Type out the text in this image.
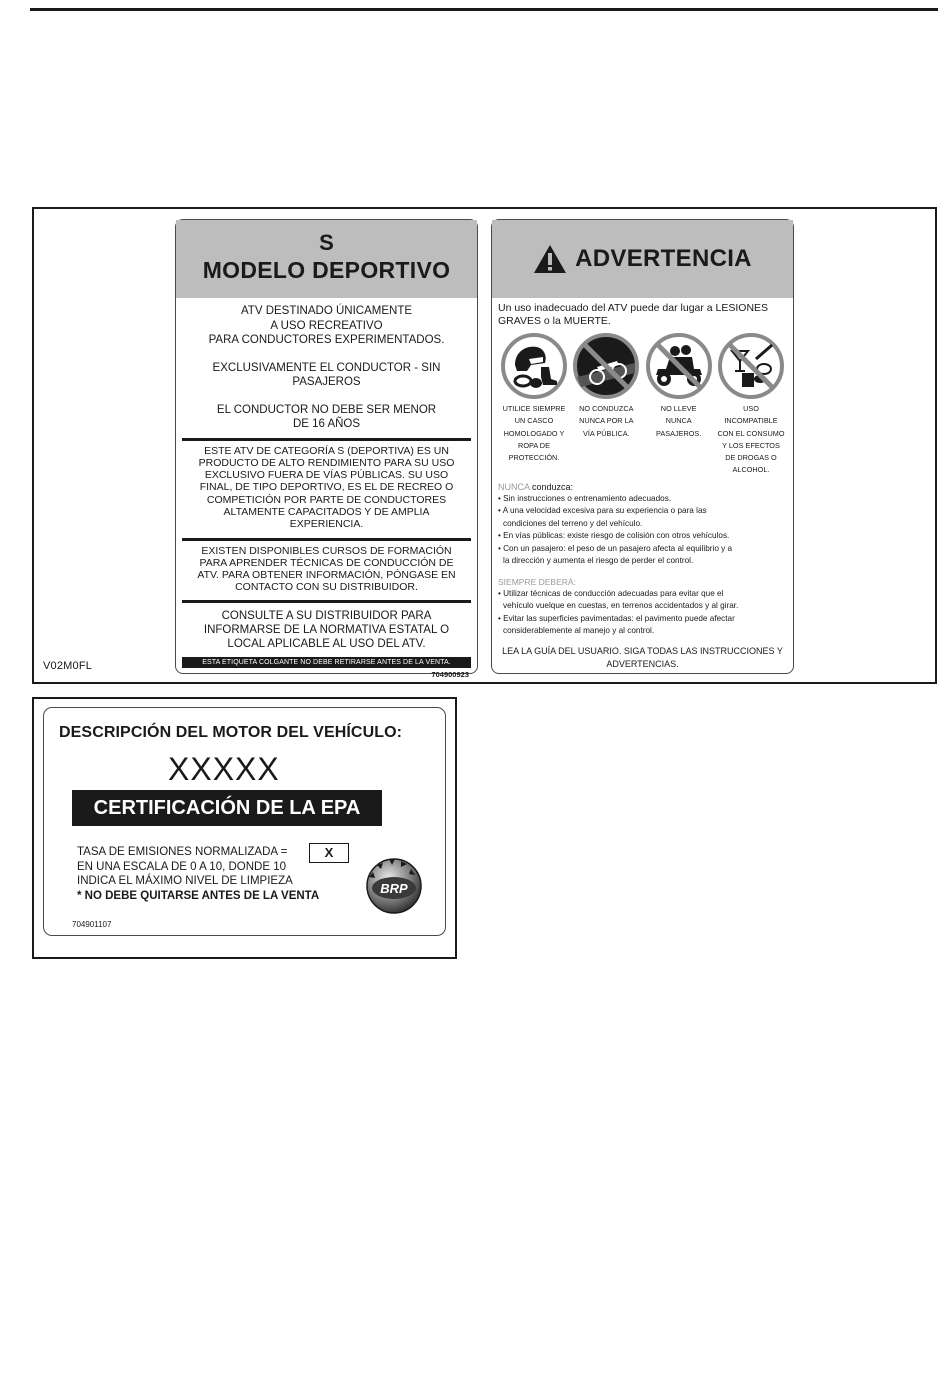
S
MODELO DEPORTIVO

ATV DESTINADO ÚNICAMENTE
A USO RECREATIVO
PARA CONDUCTORES EXPERIMENTADOS.

EXCLUSIVAMENTE EL CONDUCTOR - SIN
PASAJEROS

EL CONDUCTOR NO DEBE SER MENOR
DE 16 AÑOS

ESTE ATV DE CATEGORÍA S (DEPORTIVA) ES UN
PRODUCTO DE ALTO RENDIMIENTO PARA SU USO
EXCLUSIVO FUERA DE VÍAS PÚBLICAS. SU USO
FINAL, DE TIPO DEPORTIVO, ES EL DE RECREO O
COMPETICIÓN POR PARTE DE CONDUCTORES
ALTAMENTE CAPACITADOS Y DE AMPLIA
EXPERIENCIA.
EXISTEN DISPONIBLES CURSOS DE FORMACIÓN
PARA APRENDER TÉCNICAS DE CONDUCCIÓN DE
ATV. PARA OBTENER INFORMACIÓN, PÓNGASE EN
CONTACTO CON SU DISTRIBUIDOR.
CONSULTE A SU DISTRIBUIDOR PARA
INFORMARSE DE LA NORMATIVA ESTATAL O
LOCAL APLICABLE AL USO DEL ATV.
ESTA ETIQUETA COLGANTE NO DEBE RETIRARSE ANTES DE LA VENTA.
704900923
ADVERTENCIA
Un uso inadecuado del ATV puede dar lugar a LESIONES
GRAVES o la MUERTE.
UTILICE SIEMPRE
UN CASCO
HOMOLOGADO Y
ROPA DE
PROTECCIÓN.
NO CONDUZCA
NUNCA POR LA
VÍA PÚBLICA.
NO LLEVE
NUNCA
PASAJEROS.
USO
INCOMPATIBLE
CON EL CONSUMO
Y LOS EFECTOS
DE DROGAS O
ALCOHOL.
NUNCA conduzca:
• Sin instrucciones o entrenamiento adecuados.
• A una velocidad excesiva para su experiencia o para las
condiciones del terreno y del vehículo.
• En vías públicas: existe riesgo de colisión con otros vehículos.
• Con un pasajero: el peso de un pasajero afecta al equilibrio y a
la dirección y aumenta el riesgo de perder el control.
SIEMPRE DEBERÁ:
• Utilizar técnicas de conducción adecuadas para evitar que el
vehículo vuelque en cuestas, en terrenos accidentados y al girar.
• Evitar las superficies pavimentadas: el pavimento puede afectar
considerablemente al manejo y al control.
LEA LA GUÍA DEL USUARIO. SIGA TODAS LAS INSTRUCCIONES Y
ADVERTENCIAS.
V02M0FL
DESCRIPCIÓN DEL MOTOR DEL VEHÍCULO:
XXXXX
CERTIFICACIÓN DE LA EPA
TASA DE EMISIONES NORMALIZADA =
EN UNA ESCALA DE 0 A 10, DONDE 10
INDICA EL MÁXIMO NIVEL DE LIMPIEZA
* NO DEBE QUITARSE ANTES DE LA VENTA
X
BRP
704901107
